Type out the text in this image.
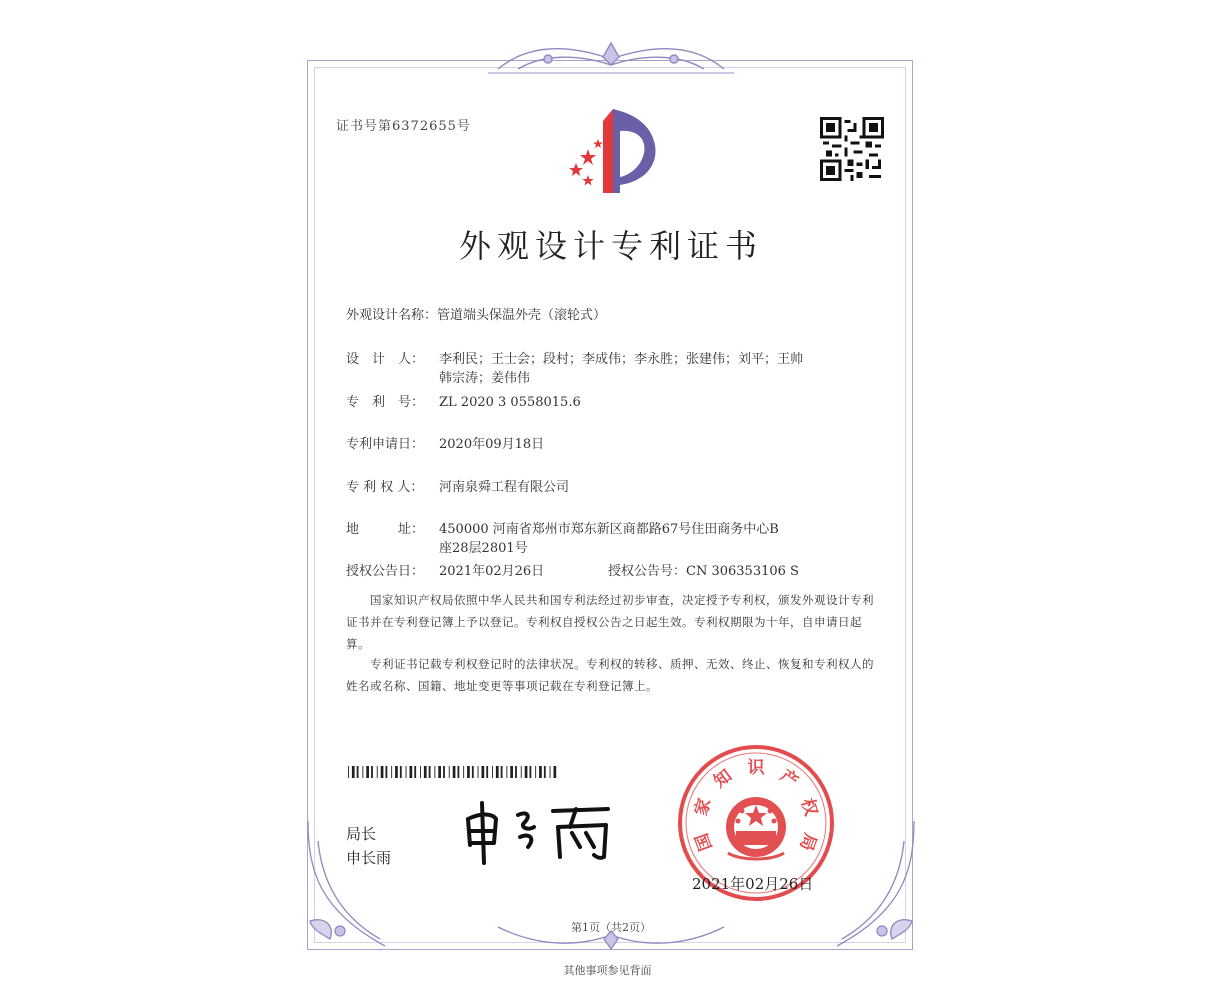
证书号第6372655号
外观设计专利证书
外观设计名称：管道端头保温外壳（滚轮式）
设　计　人： 李利民；王士会；段村；李成伟；李永胜；张建伟；刘平；王帅
韩宗涛；姜伟伟
专　利　号： ZL 2020 3 0558015.6
专利申请日： 2020年09月18日
专 利 权 人： 河南泉舜工程有限公司
地　　　址： 450000 河南省郑州市郑东新区商都路67号住田商务中心B
座28层2801号
授权公告日： 2021年02月26日	授权公告号：CN 306353106 S
国家知识产权局依照中华人民共和国专利法经过初步审查，决定授予专利权，颁发外观设计专利证书并在专利登记簿上予以登记。专利权自授权公告之日起生效。专利权期限为十年，自申请日起算。
专利证书记载专利权登记时的法律状况。专利权的转移、质押、无效、终止、恢复和专利权人的姓名或名称、国籍、地址变更等事项记载在专利登记簿上。
局长
申长雨
国
家
知 识 产
权
局
2021年02月26日
第1页（共2页）
其他事项参见背面
